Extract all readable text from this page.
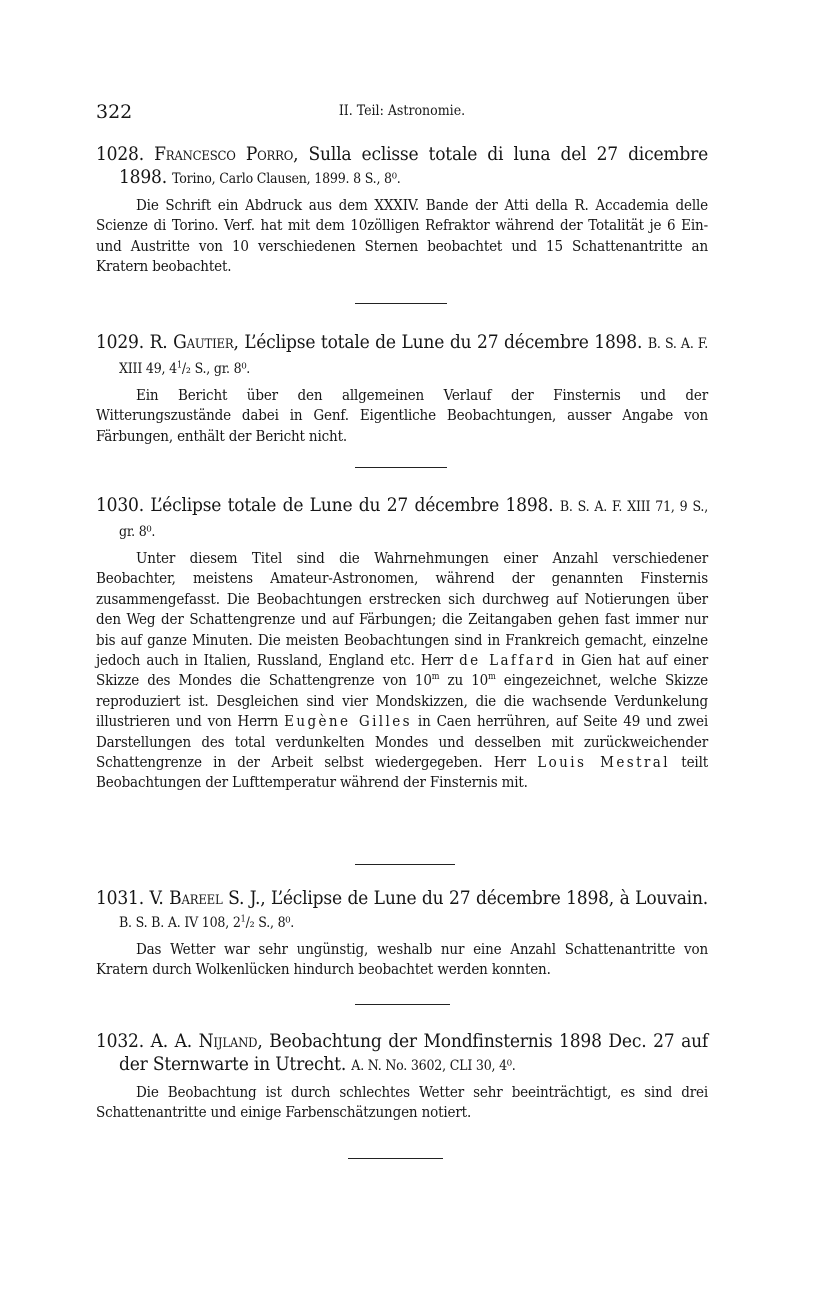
322	II. Teil: Astronomie.
1028. Francesco Porro, Sulla eclisse totale di luna del 27 dicembre 1898. Torino, Carlo Clausen, 1899. 8 S., 8⁰.
Die Schrift ein Abdruck aus dem XXXIV. Bande der Atti della R. Accademia delle Scienze di Torino. Verf. hat mit dem 10zölligen Refraktor während der Totalität je 6 Ein- und Austritte von 10 verschiedenen Sternen beobachtet und 15 Schattenantritte an Kratern beobachtet.
1029. R. Gautier, L’éclipse totale de Lune du 27 décembre 1898. B. S. A. F. XIII 49, $4^1/_2$ S., gr. 8⁰.
Ein Bericht über den allgemeinen Verlauf der Finsternis und der Witterungszustände dabei in Genf. Eigentliche Beobachtungen, ausser Angabe von Färbungen, enthält der Bericht nicht.
1030. L’éclipse totale de Lune du 27 décembre 1898. B. S. A. F. XIII 71, 9 S., gr. 8⁰.
Unter diesem Titel sind die Wahrnehmungen einer Anzahl verschiedener Beobachter, meistens Amateur-Astronomen, während der genannten Finsternis zusammengefasst. Die Beobachtungen erstrecken sich durchweg auf Notierungen über den Weg der Schattengrenze und auf Färbungen; die Zeitangaben gehen fast immer nur bis auf ganze Minuten. Die meisten Beobachtungen sind in Frankreich gemacht, einzelne jedoch auch in Italien, Russland, England etc. Herr de Laffard in Gien hat auf einer Skizze des Mondes die Schattengrenze von 10$^m$ zu 10$^m$ eingezeichnet, welche Skizze reproduziert ist. Desgleichen sind vier Mondskizzen, die die wachsende Verdunkelung illustrieren und von Herrn Eugène Gilles in Caen herrühren, auf Seite 49 und zwei Darstellungen des total verdunkelten Mondes und desselben mit zurückweichender Schattengrenze in der Arbeit selbst wiedergegeben. Herr Louis Mestral teilt Beobachtungen der Lufttemperatur während der Finsternis mit.
1031. V. Bareel S. J., L’éclipse de Lune du 27 décembre 1898, à Louvain. B. S. B. A. IV 108, $2^1/_2$ S., 8⁰.
Das Wetter war sehr ungünstig, weshalb nur eine Anzahl Schattenantritte von Kratern durch Wolkenlücken hindurch beobachtet werden konnten.
1032. A. A. Nijland, Beobachtung der Mondfinsternis 1898 Dec. 27 auf der Sternwarte in Utrecht. A. N. No. 3602, CLI 30, 4⁰.
Die Beobachtung ist durch schlechtes Wetter sehr beeinträchtigt, es sind drei Schattenantritte und einige Farbenschätzungen notiert.
